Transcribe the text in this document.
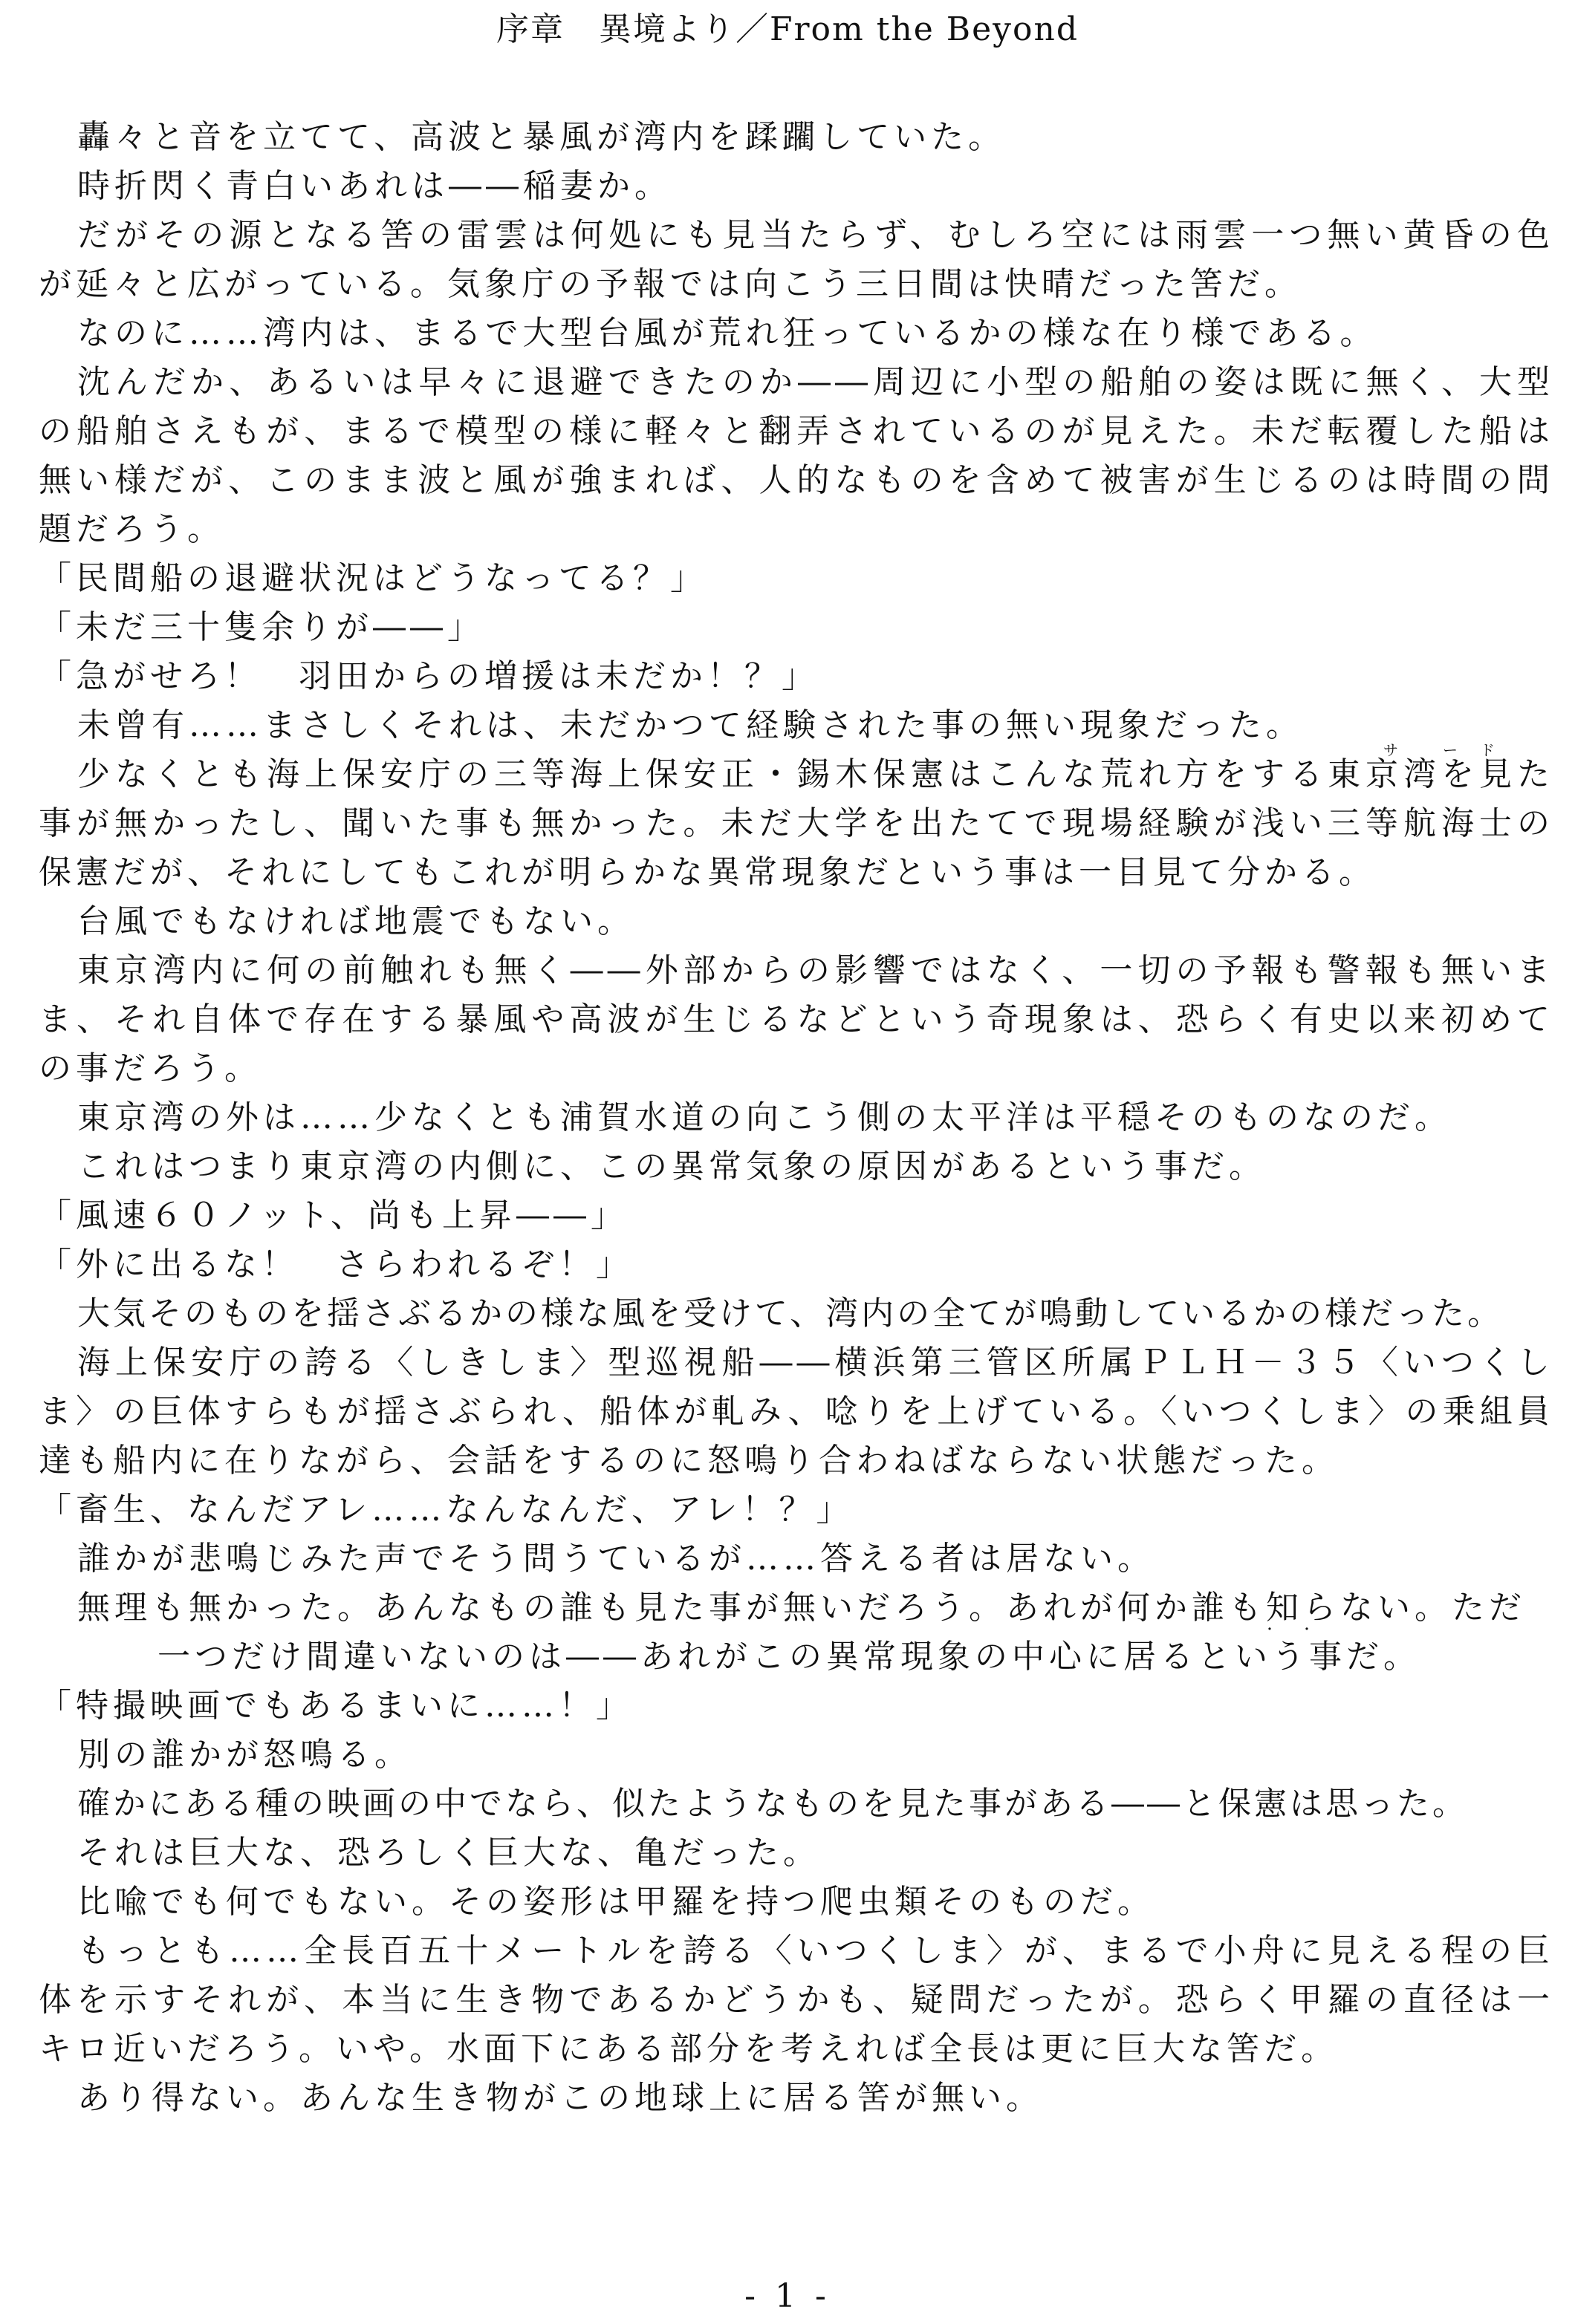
序章　異境より／From the Beyond

轟々と音を立てて、高波と暴風が湾内を蹂躙していた。

時折閃く青白いあれは――稲妻か。

だがその源となる筈の雷雲は何処にも見当たらず、むしろ空には雨雲一つ無い黄昏の色が延々と広がっている。気象庁の予報では向こう三日間は快晴だった筈だ。

なのに……湾内は、まるで大型台風が荒れ狂っているかの様な在り様である。

沈んだか、あるいは早々に退避できたのか――周辺に小型の船舶の姿は既に無く、大型の船舶さえもが、まるで模型の様に軽々と翻弄されているのが見えた。未だ転覆した船は無い様だが、このまま波と風が強まれば、人的なものを含めて被害が生じるのは時間の問題だろう。

「民間船の退避状況はどうなってる？」

「未だ三十隻余りが――」

「急がせろ！　羽田からの増援は未だか！？」

未曾有……まさしくそれは、未だかつて経験された事の無い現象だった。

サ	ー ド

少なくとも海上保安庁の三等海上保安正・錫木保憲はこんな荒れ方をする東京湾を見た事が無かったし、聞いた事も無かった。未だ大学を出たてで現場経験が浅い三等航海士の保憲だが、それにしてもこれが明らかな異常現象だという事は一目見て分かる。

台風でもなければ地震でもない。

東京湾内に何の前触れも無く――外部からの影響ではなく、一切の予報も警報も無いまま、それ自体で存在する暴風や高波が生じるなどという奇現象は、恐らく有史以来初めての事だろう。

東京湾の外は……少なくとも浦賀水道の向こう側の太平洋は平穏そのものなのだ。

これはつまり東京湾の内側に、この異常気象の原因があるという事だ。

「風速６０ノット、尚も上昇――」

「外に出るな！　さらわれるぞ！」

大気そのものを揺さぶるかの様な風を受けて、湾内の全てが鳴動しているかの様だった。

海上保安庁の誇る〈しきしま〉型巡視船――横浜第三管区所属ＰＬＨ－３５〈いつくしま〉の巨体すらもが揺さぶられ、船体が軋み、唸りを上げている。〈いつくしま〉の乗組員達も船内に在りながら、会話をするのに怒鳴り合わねばならない状態だった。

「畜生、なんだアレ……なんなんだ、アレ！？」

誰かが悲鳴じみた声でそう問うているが……答える者は居ない。

無理も無かった。あんなもの誰も見た事が無いだろう。あれが何か誰も知らない。ただ

・ ・

一つだけ間違いないのは――あれがこの異常現象の中心に居るという事だ。

「特撮映画でもあるまいに……！」

別の誰かが怒鳴る。

確かにある種の映画の中でなら、似たようなものを見た事がある――と保憲は思った。

それは巨大な、恐ろしく巨大な、亀だった。

比喩でも何でもない。その姿形は甲羅を持つ爬虫類そのものだ。

もっとも……全長百五十メートルを誇る〈いつくしま〉が、まるで小舟に見える程の巨体を示すそれが、本当に生き物であるかどうかも、疑問だったが。恐らく甲羅の直径は一キロ近いだろう。いや。水面下にある部分を考えれば全長は更に巨大な筈だ。

あり得ない。あんな生き物がこの地球上に居る筈が無い。

- 1 -
